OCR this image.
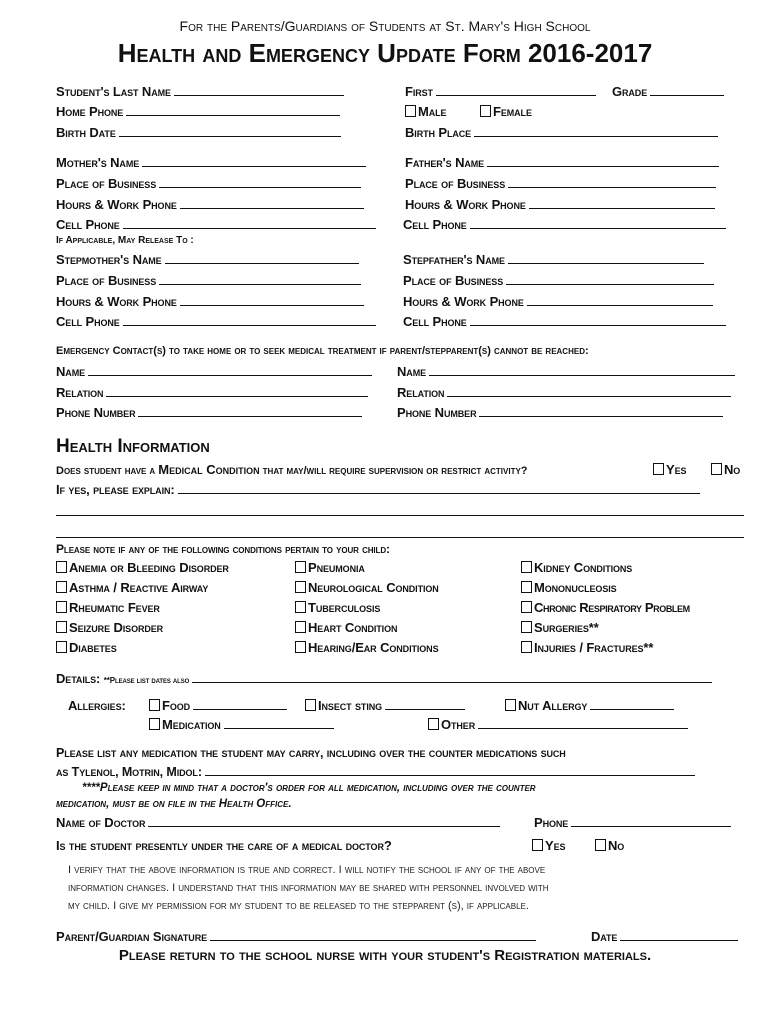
For the Parents/Guardians of Students at St. Mary's High School
Health and Emergency Update Form 2016-2017
Student's Last Name	First	Grade
Home Phone	Male	Female
Birth Date	Birth Place
Mother's Name	Father's Name
Place of Business	Place of Business
Hours & Work Phone	Hours & Work Phone
Cell Phone	Cell Phone
If Applicable, May Release To :
Stepmother's Name	Stepfather's Name
Place of Business	Place of Business
Hours & Work Phone	Hours & Work Phone
Cell Phone	Cell Phone
Emergency Contact(s) to take home or to seek medical treatment if parent/stepparent(s) cannot be reached:
Name	Name
Relation	Relation
Phone Number	Phone Number
Health Information
Does student have a Medical Condition that may/will require supervision or restrict activity?	Yes	No
If yes, please explain:
Please note if any of the following conditions pertain to your child:
Anemia or Bleeding Disorder	Pneumonia	Kidney Conditions
Asthma / Reactive Airway	Neurological Condition	Mononucleosis
Rheumatic Fever	Tuberculosis	Chronic Respiratory Problem
Seizure Disorder	Heart Condition	Surgeries**
Diabetes	Hearing/Ear Conditions	Injuries / Fractures**
Details: **Please list dates also
Allergies:	Food	Insect sting	Nut Allergy
Medication	Other
Please list any medication the student may carry, including over the counter medications such
as Tylenol, Motrin, Midol:
****Please keep in mind that a doctor's order for all medication, including over the counter
medication, must be on file in the Health Office.
Name of Doctor	Phone
Is the student presently under the care of a medical doctor?	Yes	No
I verify that the above information is true and correct. I will notify the school if any of the above
information changes. I understand that this information may be shared with personnel involved with
my child. I give my permission for my student to be released to the stepparent (s), if applicable.
Parent/Guardian Signature	Date
Please return to the school nurse with your student's Registration materials.
